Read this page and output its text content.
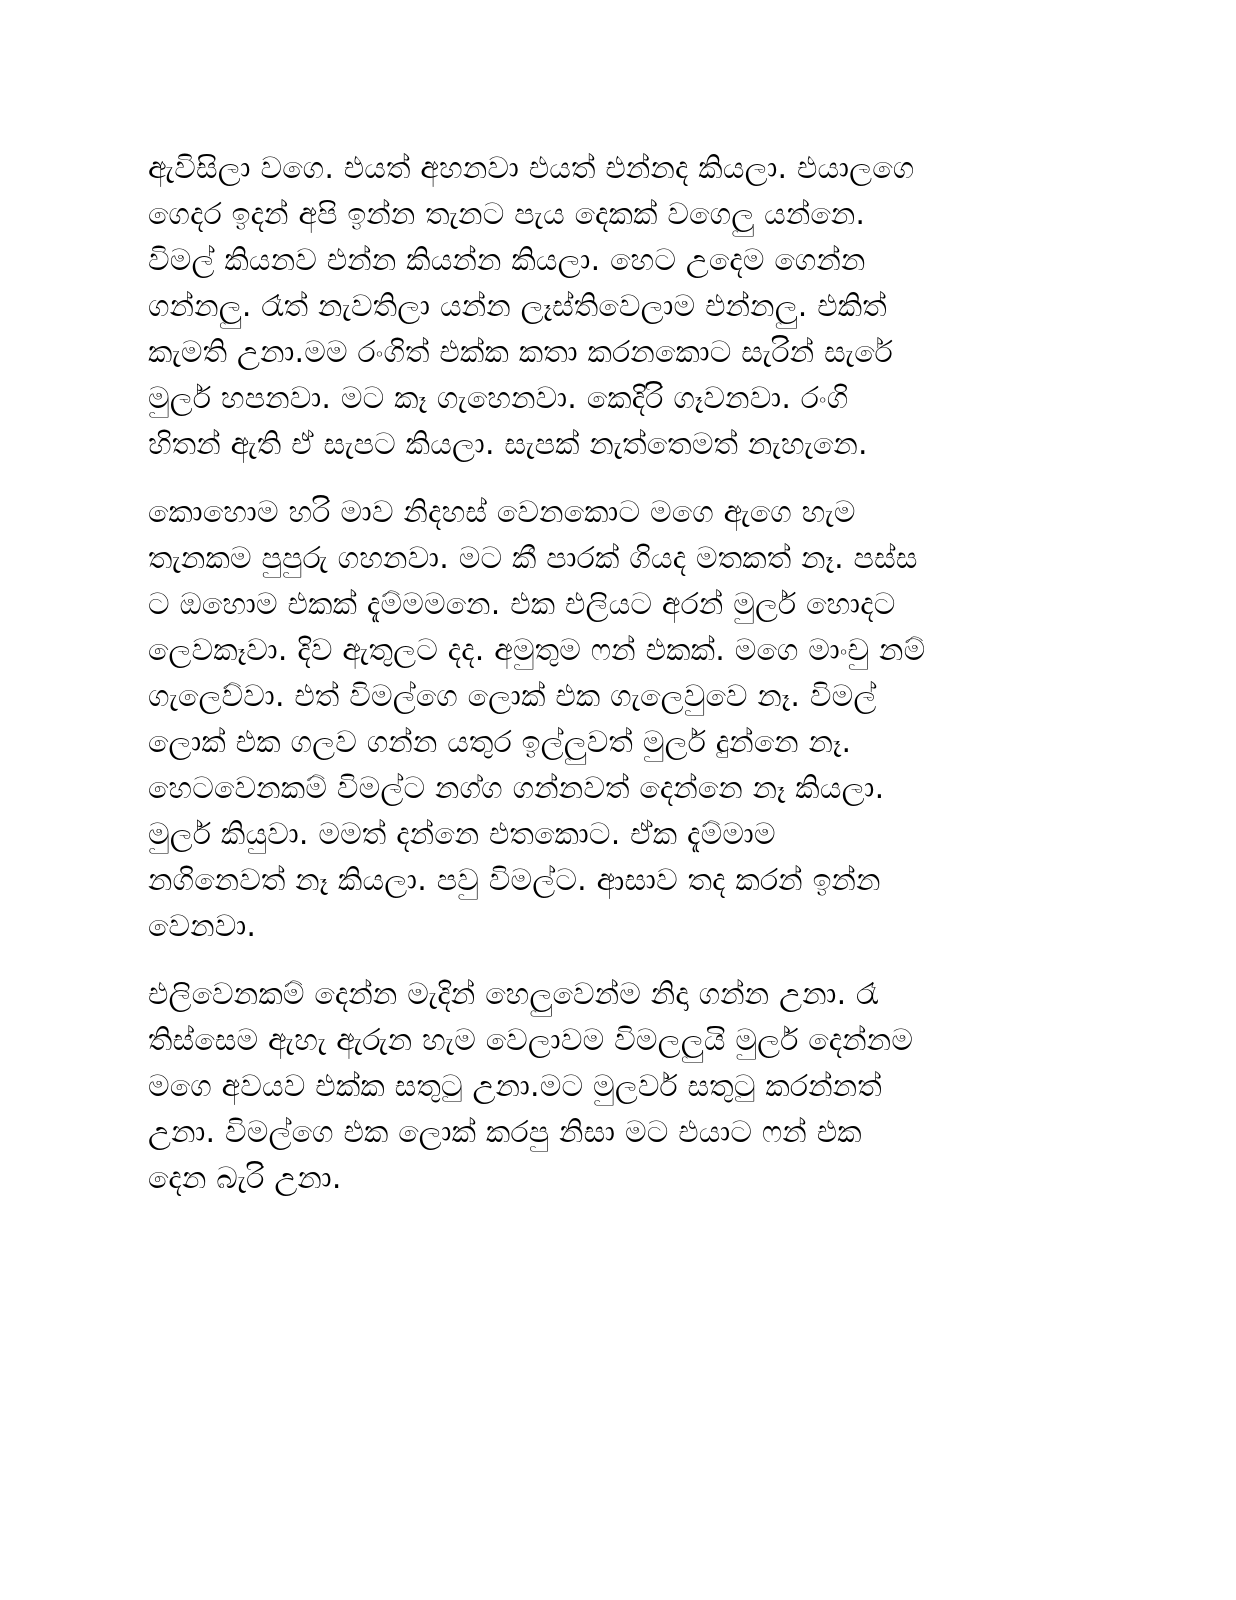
ඇවිසිලා වගෙ. එයත් අහනවා එයත් එන්නද කියලා. එයාලගෙ
ගෙදර ඉදන් අපි ඉන්න තැනට පැය දෙකක් වගෙලු යන්නෙ.
විමල් කියනව එන්න කියන්න කියලා. හෙට උදෙම ගෙන්න
ගන්නලු. රෑත් නැවතිලා යන්න ලෑස්තිවෙලාම එන්නලු. එකිත්
කැමති උනා.මම රංගිත් එක්ක කතා කරනකොට සැරින් සැරේ
මුලර් හපනවා. මට කෑ ගැහෙනවා. කෙදිරි ගෑවනවා. රංගි
හිතන් ඇති ඒ සැපට කියලා. සැපක් නැත්තෙමත් නැහැනෙ.
කොහොම හරි මාව නිදහස් වෙනකොට මගෙ ඇගෙ හැම
තැනකම පුපුරු ගහනවා. මට කී පාරක් ගියද මතකත් නෑ. පස්ස
ට ඔහොම එකක් දැම්මමනෙ. එක එලියට අරන් මුලර් හොදට
ලෙවකෑවා. දිව ඇතුලට දද. අමුතුම ෆන් එකක්. මගෙ මාංචු නම්
ගැලෙව්වා. එත් විමල්ගෙ ලොක් එක ගැලෙවුවෙ නෑ. විමල්
ලොක් එක ගලව ගන්න යතුර ඉල්ලුවත් මුලර් දුන්නෙ නෑ.
හෙටවෙනකම් විමල්ට නග්ග ගන්නවත් දෙන්නෙ නෑ කියලා.
මුලර් කියුවා. මමත් දන්නෙ එතකොට. ඒක දැම්මාම
නගිනෙවත් නෑ කියලා. පවු විමල්ට. ආසාව තද කරන් ඉන්න
වෙනවා.
එලිවෙනකම් දෙන්න මැදින් හෙලුවෙන්ම නිදා ගන්න උනා. රෑ
තිස්සෙම ඇහැ ඇරුන හැම වෙලාවම විමලලුයි මුලර් දෙන්නම
මගෙ අවයව එක්ක සතුටු උනා.මට මුලර්ව සතුටු කරන්නත්
උනා. විමල්ගෙ එක ලොක් කරපු නිසා මට එයාට ෆන් එක
දෙන බැරි උනා.
